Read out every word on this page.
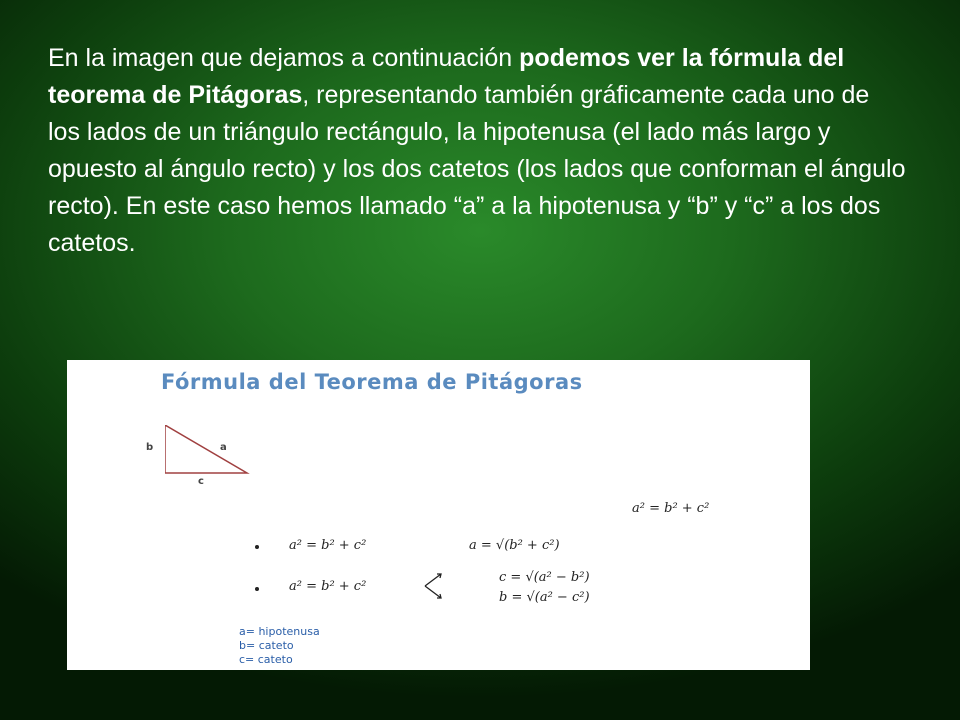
En la imagen que dejamos a continuación podemos ver la fórmula del teorema de Pitágoras, representando también gráficamente cada uno de los lados de un triángulo rectángulo, la hipotenusa (el lado más largo y opuesto al ángulo recto) y los dos catetos (los lados que conforman el ángulo recto). En este caso hemos llamado “a” a la hipotenusa y “b” y “c” a los dos catetos.

Fórmula del Teorema de Pitágoras
b	a
c
a² = b² + c²
a² = b² + c²	a = √(b² + c²)
a² = b² + c²
c = √(a² − b²)
b = √(a² − c²)
a= hipotenusa
b= cateto
c= cateto
